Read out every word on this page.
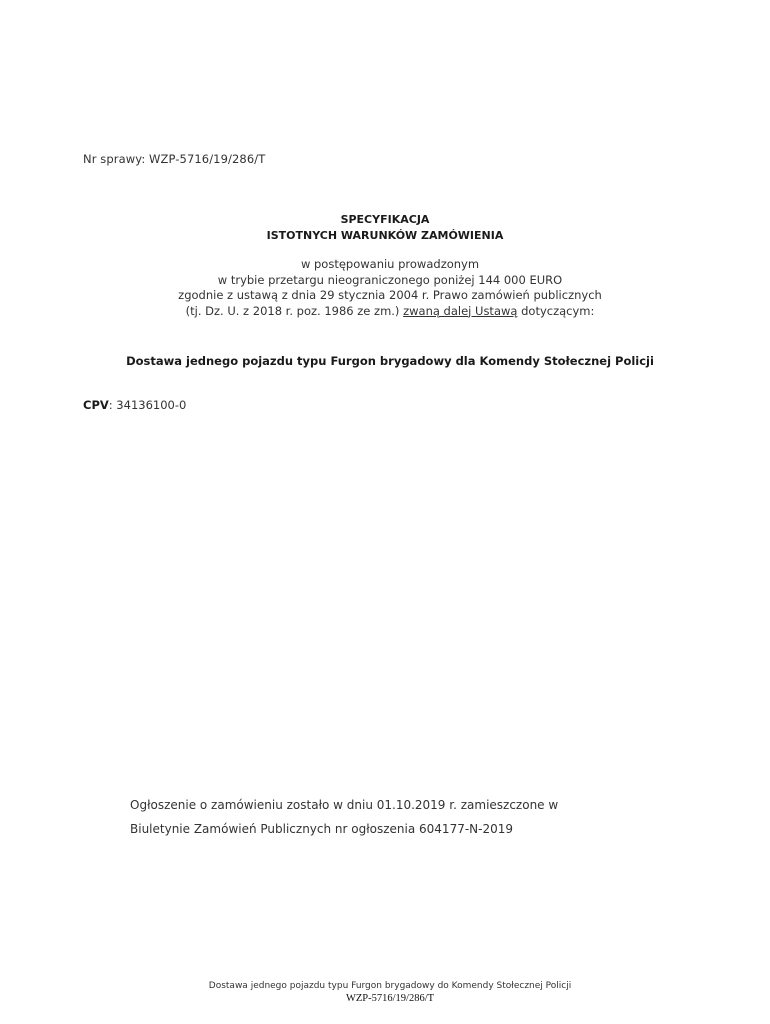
Nr sprawy: WZP-5716/19/286/T
SPECYFIKACJA
ISTOTNYCH WARUNKÓW ZAMÓWIENIA
w postępowaniu prowadzonym
w trybie przetargu nieograniczonego poniżej 144 000 EURO
zgodnie z ustawą z dnia 29 stycznia 2004 r. Prawo zamówień publicznych
(tj. Dz. U. z 2018 r. poz. 1986 ze zm.) zwaną dalej Ustawą dotyczącym:
Dostawa jednego pojazdu typu Furgon brygadowy dla Komendy Stołecznej Policji
CPV: 34136100-0
Ogłoszenie o zamówieniu zostało w dniu 01.10.2019 r. zamieszczone w
Biuletynie Zamówień Publicznych nr ogłoszenia 604177-N-2019
Dostawa jednego pojazdu typu Furgon brygadowy do Komendy Stołecznej Policji
WZP-5716/19/286/T
